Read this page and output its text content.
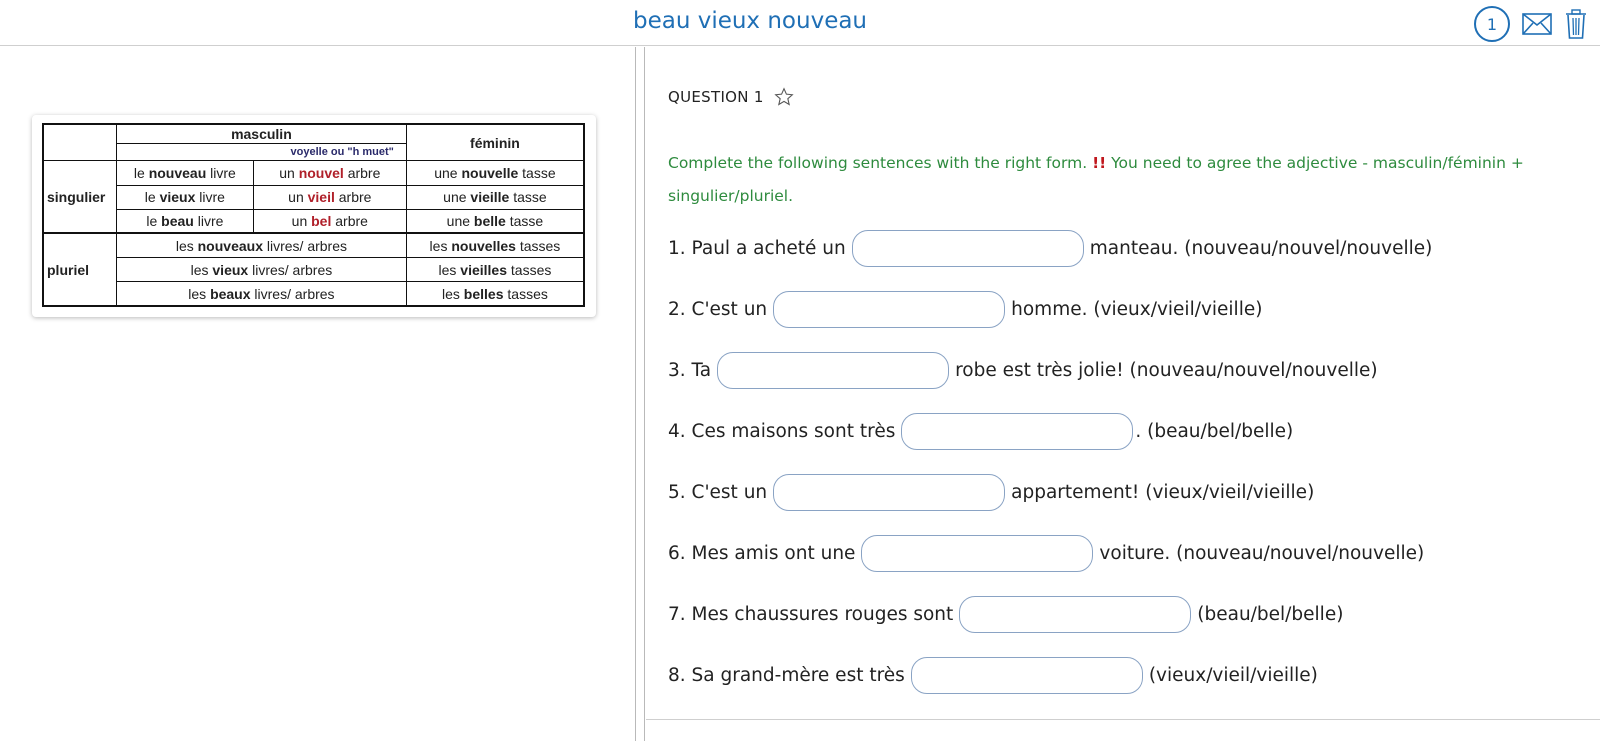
beau vieux nouveau	1
	masculin		féminin
	voyelle ou "h muet"		
singulier	le nouveau livre	un nouvel arbre	une nouvelle tasse
	le vieux livre	un vieil arbre	une vieille tasse
	le beau livre	un bel arbre	une belle tasse
pluriel	les nouveaux livres/ arbres		les nouvelles tasses
	les vieux livres/ arbres		les vieilles tasses
	les beaux livres/ arbres		les belles tasses
QUESTION 1
Complete the following sentences with the right form. !! You need to agree the adjective - masculin/féminin + singulier/pluriel.
1. Paul a acheté un	manteau. (nouveau/nouvel/nouvelle)
2. C'est un	homme. (vieux/vieil/vieille)
3. Ta	robe est très jolie! (nouveau/nouvel/nouvelle)
4. Ces maisons sont très	. (beau/bel/belle)
5. C'est un	appartement! (vieux/vieil/vieille)
6. Mes amis ont une	voiture. (nouveau/nouvel/nouvelle)
7. Mes chaussures rouges sont	(beau/bel/belle)
8. Sa grand-mère est très	(vieux/vieil/vieille)
